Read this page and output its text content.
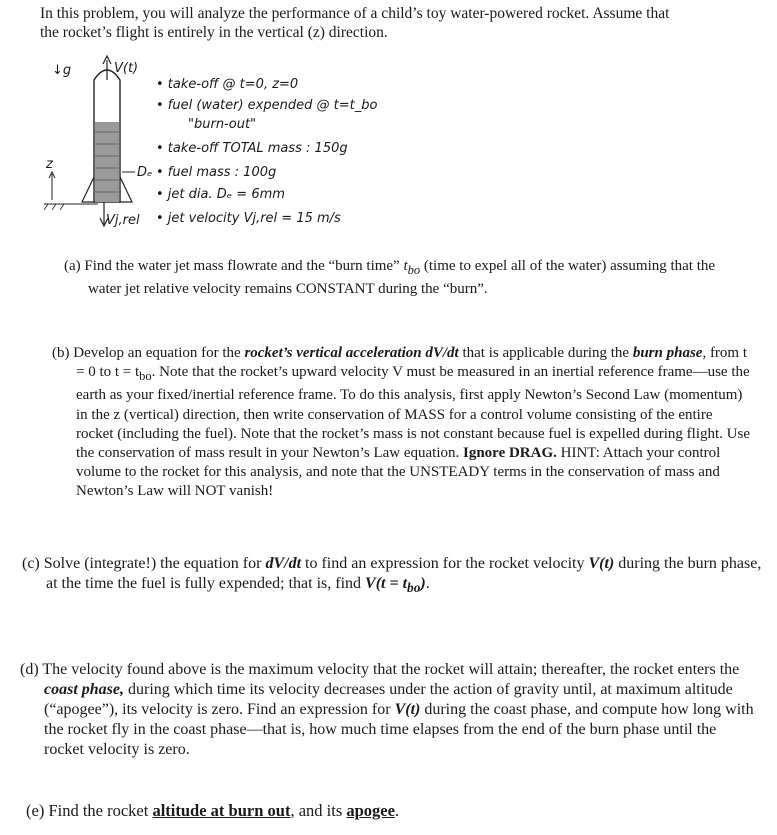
In this problem, you will analyze the performance of a child’s toy water-powered rocket. Assume that
the rocket’s flight is entirely in the vertical (z) direction.
↓g	V(t)
z
Dₑ
Vj,rel
• take-off @ t=0, z=0
• fuel (water) expended @ t=t_bo
"burn-out"
• take-off TOTAL mass : 150g
• fuel mass : 100g
• jet dia. Dₑ = 6mm
• jet velocity Vj,rel = 15 m/s
(a) Find the water jet mass flowrate and the “burn time” $t_{bo}$ (time to expel all of the water) assuming that the water jet relative velocity remains CONSTANT during the “burn”.
(b) Develop an equation for the rocket’s vertical acceleration dV/dt that is applicable during the burn phase, from t = 0 to $t = t_{bo}$. Note that the rocket’s upward velocity V must be measured in an inertial reference frame—use the earth as your fixed/inertial reference frame. To do this analysis, first apply Newton’s Second Law (momentum) in the z (vertical) direction, then write conservation of MASS for a control volume consisting of the entire rocket (including the fuel). Note that the rocket’s mass is not constant because fuel is expelled during flight. Use the conservation of mass result in your Newton’s Law equation. Ignore DRAG. HINT: Attach your control volume to the rocket for this analysis, and note that the UNSTEADY terms in the conservation of mass and Newton’s Law will NOT vanish!
(c) Solve (integrate!) the equation for dV/dt to find an expression for the rocket velocity V(t) during the burn phase, at the time the fuel is fully expended; that is, find $V(t = t_{bo})$.
(d) The velocity found above is the maximum velocity that the rocket will attain; thereafter, the rocket enters the coast phase, during which time its velocity decreases under the action of gravity until, at maximum altitude (“apogee”), its velocity is zero. Find an expression for V(t) during the coast phase, and compute how long with the rocket fly in the coast phase—that is, how much time elapses from the end of the burn phase until the rocket velocity is zero.
(e) Find the rocket altitude at burn out, and its apogee.
